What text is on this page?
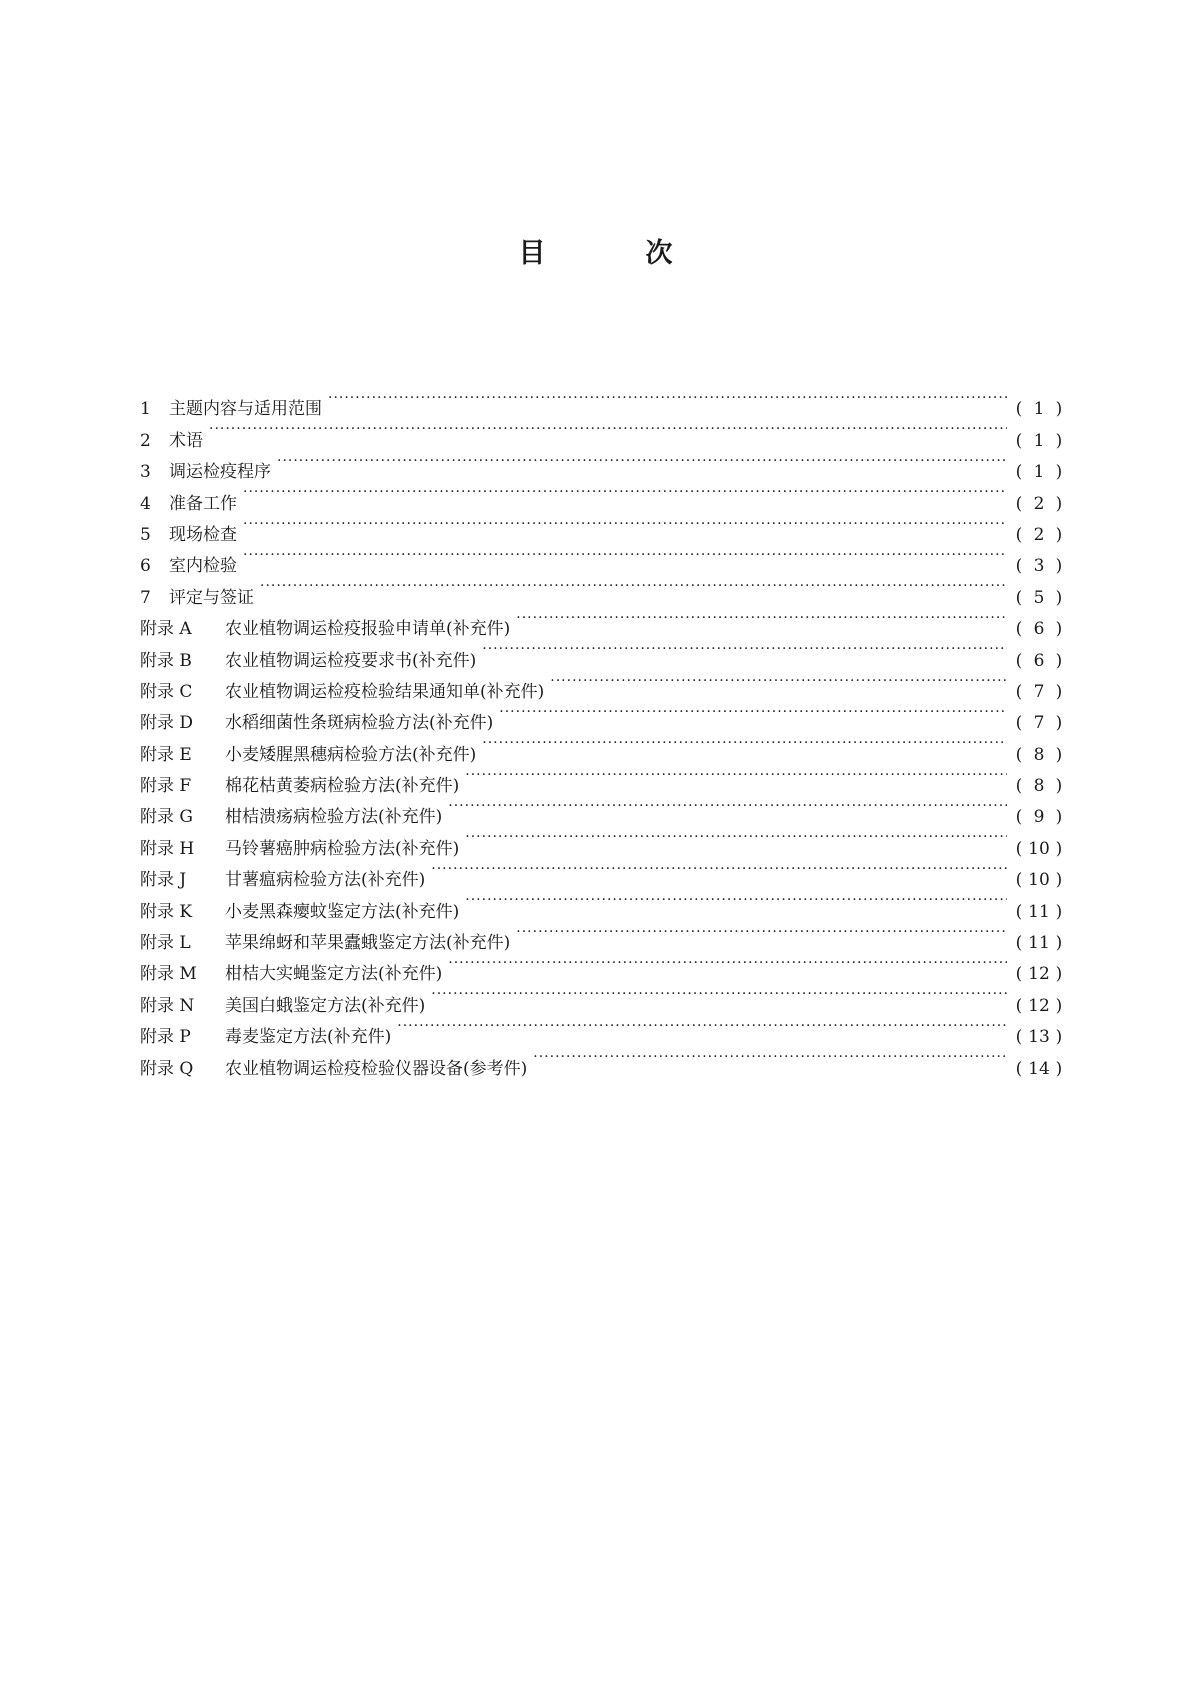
目	次
1	主题内容与适用范围 ·····	( 1 )
2	术语 ·····	( 1 )
3	调运检疫程序 ·····	( 1 )
4	准备工作 ·····	( 2 )
5	现场检查 ·····	( 2 )
6	室内检验 ·····	( 3 )
7	评定与签证 ·····	( 5 )
附录 A	农业植物调运检疫报验申请单(补充件) ·····	( 6 )
附录 B	农业植物调运检疫要求书(补充件) ·····	( 6 )
附录 C	农业植物调运检疫检验结果通知单(补充件) ·····	( 7 )
附录 D	水稻细菌性条斑病检验方法(补充件) ·····	( 7 )
附录 E	小麦矮腥黑穗病检验方法(补充件) ·····	( 8 )
附录 F	棉花枯黄萎病检验方法(补充件) ·····	( 8 )
附录 G	柑桔溃疡病检验方法(补充件) ·····	( 9 )
附录 H	马铃薯癌肿病检验方法(补充件) ·····	( 10 )
附录 J	甘薯瘟病检验方法(补充件) ·····	( 10 )
附录 K	小麦黑森瘿蚊鉴定方法(补充件) ·····	( 11 )
附录 L	苹果绵蚜和苹果蠹蛾鉴定方法(补充件) ·····	( 11 )
附录 M	柑桔大实蝇鉴定方法(补充件) ·····	( 12 )
附录 N	美国白蛾鉴定方法(补充件) ·····	( 12 )
附录 P	毒麦鉴定方法(补充件) ·····	( 13 )
附录 Q	农业植物调运检疫检验仪器设备(参考件) ·····	( 14 )
